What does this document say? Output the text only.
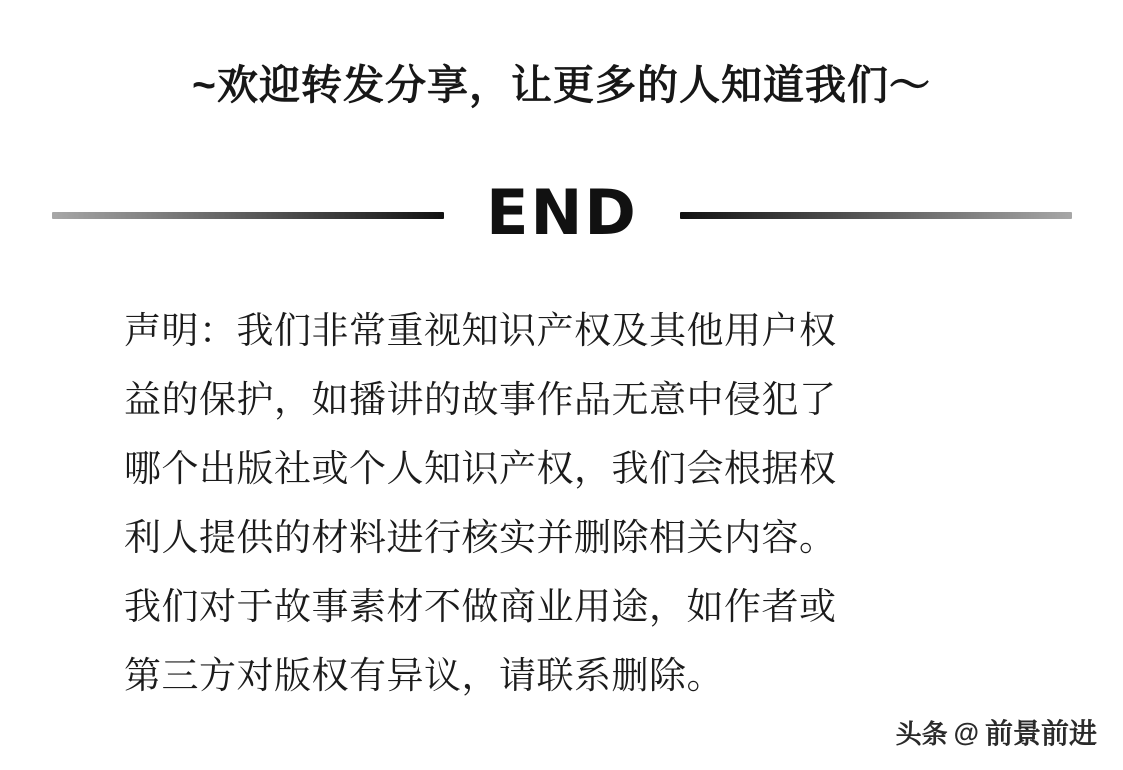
~欢迎转发分享，让更多的人知道我们～
END

声明：我们非常重视知识产权及其他用户权

益的保护，如播讲的故事作品无意中侵犯了

哪个出版社或个人知识产权，我们会根据权

利人提供的材料进行核实并删除相关内容。

我们对于故事素材不做商业用途，如作者或

第三方对版权有异议，请联系删除。

头条 @ 前景前进
